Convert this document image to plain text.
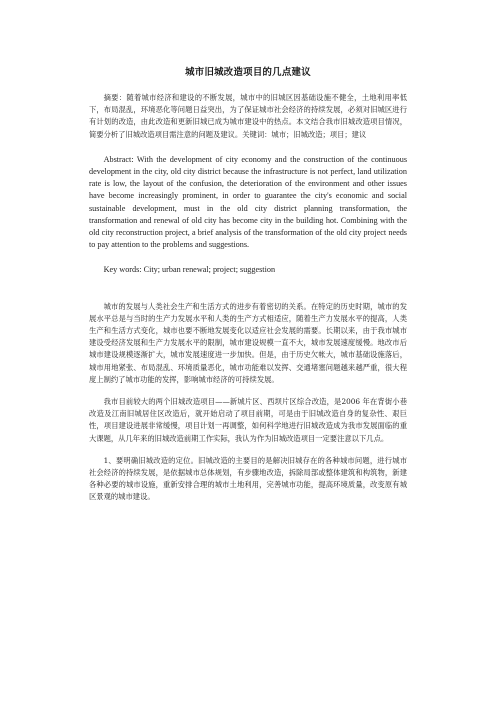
城市旧城改造项目的几点建议

摘要：随着城市经济和建设的不断发展，城市中的旧城区因基础设施不健全，土地利用率低下，布局混乱，环境恶化等问题日益突出，为了保证城市社会经济的持续发展，必须对旧城区进行有计划的改造，由此改造和更新旧城已成为城市建设中的热点。本文结合我市旧城改造项目情况，简要分析了旧城改造项目需注意的问题及建议。关键词：城市；旧城改造；项目；建议

Abstract: With the development of city economy and the construction of the continuous development in the city, old city district because the infrastructure is not perfect, land utilization rate is low, the layout of the confusion, the deterioration of the environment and other issues have become increasingly prominent, in order to guarantee the city's economic and social sustainable development, must in the old city district planning transformation, the transformation and renewal of old city has become city in the building hot. Combining with the old city reconstruction project, a brief analysis of the transformation of the old city project needs to pay attention to the problems and suggestions.

Key words: City; urban renewal; project; suggestion

城市的发展与人类社会生产和生活方式的进步有着密切的关系。在特定的历史时期，城市的发展水平总是与当时的生产力发展水平和人类的生产方式相适应，随着生产力发展水平的提高，人类生产和生活方式变化，城市也要不断地发展变化以适应社会发展的需要。长期以来，由于我市城市建设受经济发展和生产力发展水平的限制，城市建设规模一直不大，城市发展速度缓慢。地改市后城市建设规模逐渐扩大，城市发展速度进一步加快。但是，由于历史欠帐大，城市基础设施落后，城市用地紧张、布局混乱、环境质量恶化，城市功能难以发挥、交通堵塞问题越来越严重，很大程度上制约了城市功能的发挥，影响城市经济的可持续发展。

我市目前较大的两个旧城改造项目——新城片区、西坝片区综合改造，是2006 年在背街小巷改造及江南旧城居住区改造后，就开始启动了项目前期，可是由于旧城改造自身的复杂性、艰巨性，项目建设进展非常缓慢，项目计划一再调整，如何科学地进行旧城改造成为我市发展面临的重大课题，从几年来的旧城改造前期工作实际，我认为作为旧城改造项目一定要注意以下几点。

1、要明确旧城改造的定位。旧城改造的主要目的是解决旧城存在的各种城市问题，进行城市社会经济的持续发展，是依据城市总体规划，有步骤地改造，拆除局部或整体建筑和构筑物，新建各种必要的城市设施，重新安排合理的城市土地利用，完善城市功能，提高环境质量，改变原有城区景观的城市建设。
